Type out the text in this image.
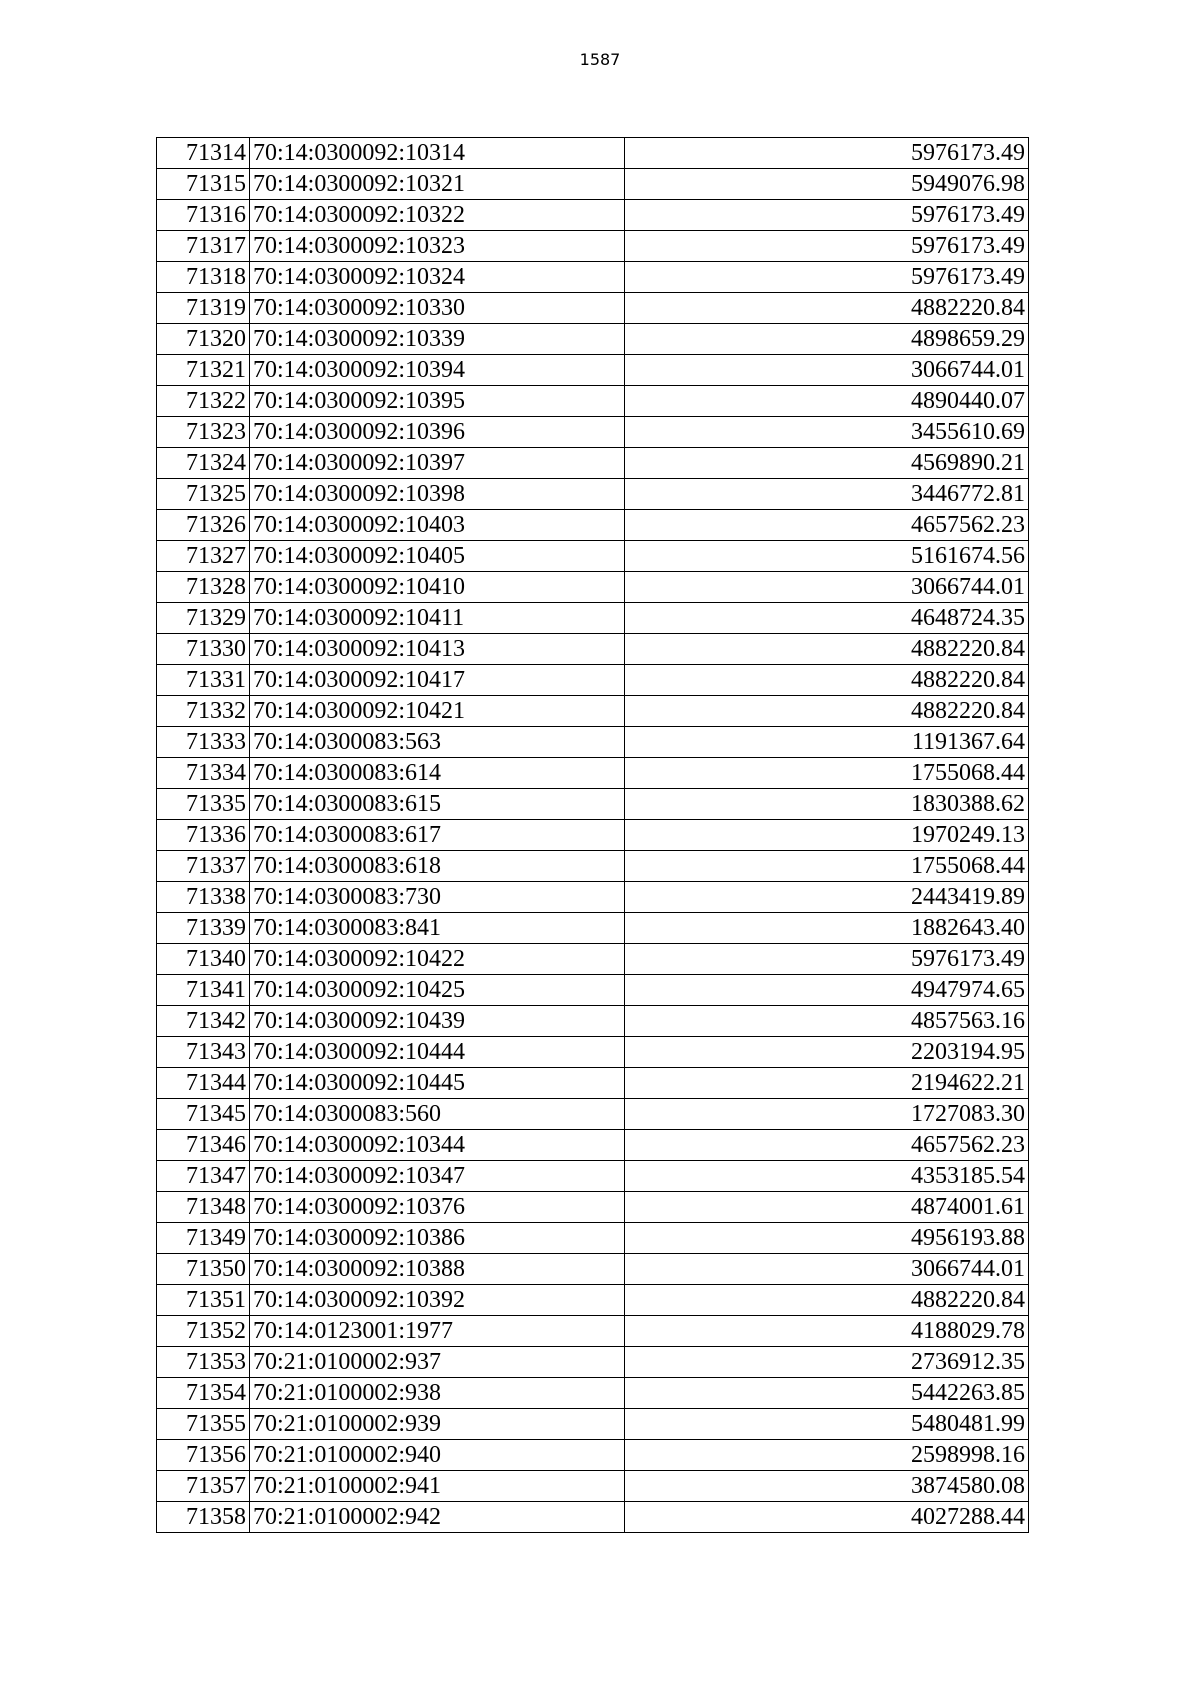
1587
71314	70:14:0300092:10314	5976173.49
71315	70:14:0300092:10321	5949076.98
71316	70:14:0300092:10322	5976173.49
71317	70:14:0300092:10323	5976173.49
71318	70:14:0300092:10324	5976173.49
71319	70:14:0300092:10330	4882220.84
71320	70:14:0300092:10339	4898659.29
71321	70:14:0300092:10394	3066744.01
71322	70:14:0300092:10395	4890440.07
71323	70:14:0300092:10396	3455610.69
71324	70:14:0300092:10397	4569890.21
71325	70:14:0300092:10398	3446772.81
71326	70:14:0300092:10403	4657562.23
71327	70:14:0300092:10405	5161674.56
71328	70:14:0300092:10410	3066744.01
71329	70:14:0300092:10411	4648724.35
71330	70:14:0300092:10413	4882220.84
71331	70:14:0300092:10417	4882220.84
71332	70:14:0300092:10421	4882220.84
71333	70:14:0300083:563	1191367.64
71334	70:14:0300083:614	1755068.44
71335	70:14:0300083:615	1830388.62
71336	70:14:0300083:617	1970249.13
71337	70:14:0300083:618	1755068.44
71338	70:14:0300083:730	2443419.89
71339	70:14:0300083:841	1882643.40
71340	70:14:0300092:10422	5976173.49
71341	70:14:0300092:10425	4947974.65
71342	70:14:0300092:10439	4857563.16
71343	70:14:0300092:10444	2203194.95
71344	70:14:0300092:10445	2194622.21
71345	70:14:0300083:560	1727083.30
71346	70:14:0300092:10344	4657562.23
71347	70:14:0300092:10347	4353185.54
71348	70:14:0300092:10376	4874001.61
71349	70:14:0300092:10386	4956193.88
71350	70:14:0300092:10388	3066744.01
71351	70:14:0300092:10392	4882220.84
71352	70:14:0123001:1977	4188029.78
71353	70:21:0100002:937	2736912.35
71354	70:21:0100002:938	5442263.85
71355	70:21:0100002:939	5480481.99
71356	70:21:0100002:940	2598998.16
71357	70:21:0100002:941	3874580.08
71358	70:21:0100002:942	4027288.44
